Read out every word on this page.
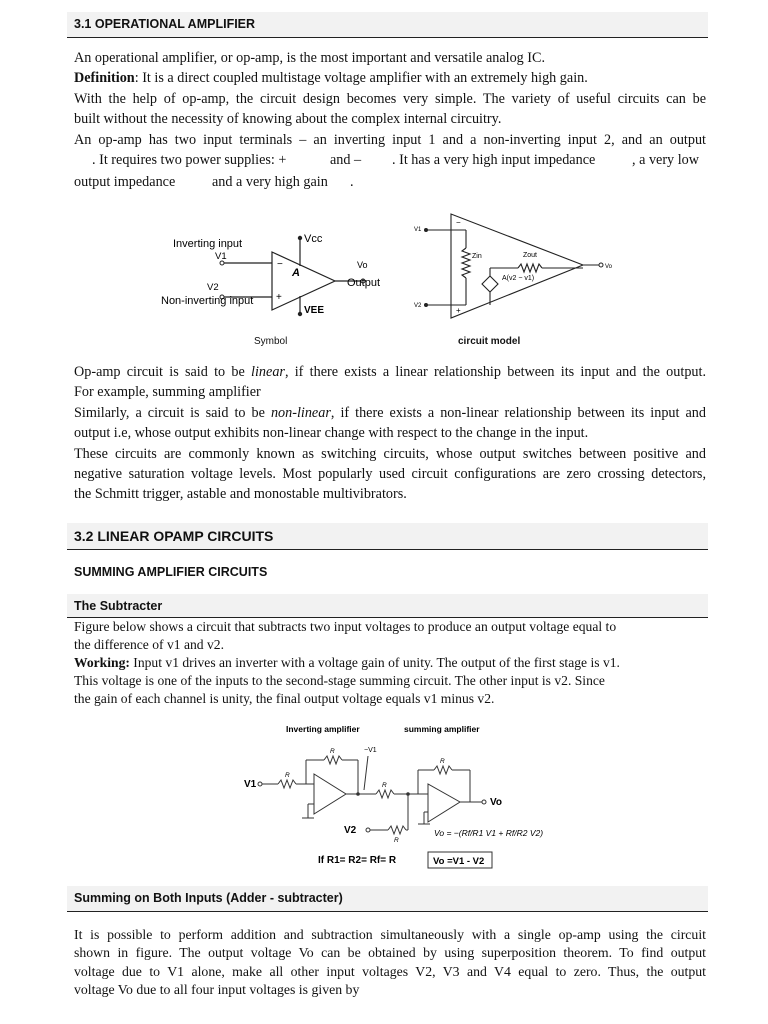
3.1 OPERATIONAL AMPLIFIER
An operational amplifier, or op-amp, is the most important and versatile analog IC.
Definition: It is a direct coupled multistage voltage amplifier with an extremely high gain.
With the help of op-amp, the circuit design becomes very simple. The variety of useful circuits can be
built without the necessity of knowing about the complex internal circuitry.
An op-amp has two input terminals – an inverting input 1 and a non-inverting input 2, and an output
. It requires two power supplies: +	and – . It has a very high input impedance	, a very low
output impedance	and a very high gain .
Inverting input
V1
V2
Vcc
VEE
A
−
+
Vo
Output
Non-inverting input
V1
V2
Vo
Zin	Zout
A(v2 − v1)
−
+
Symbol	circuit model
Op-amp circuit is said to be linear, if there exists a linear relationship between its input and the output.
For example, summing amplifier
Similarly, a circuit is said to be non-linear, if there exists a non-linear relationship between its input and
output i.e, whose output exhibits non-linear change with respect to the change in the input.
These circuits are commonly known as switching circuits, whose output switches between positive and
negative saturation voltage levels. Most popularly used circuit configurations are zero crossing detectors,
the Schmitt trigger, astable and monostable multivibrators.
3.2 LINEAR OPAMP CIRCUITS
SUMMING AMPLIFIER CIRCUITS
The Subtracter
Figure below shows a circuit that subtracts two input voltages to produce an output voltage equal to
the difference of v1 and v2.
Working: Input v1 drives an inverter with a voltage gain of unity. The output of the first stage is v1.
This voltage is one of the inputs to the second-stage summing circuit. The other input is v2. Since
the gain of each channel is unity, the final output voltage equals v1 minus v2.
Inverting amplifier	summing amplifier
−V1
R
R
R
R
R
V1
V2
Vo
Vo = −(Rf/R1 V1 + Rf/R2 V2)
If R1= R2= Rf= R	Vo =V1 - V2
Summing on Both Inputs (Adder - subtracter)
It is possible to perform addition and subtraction simultaneously with a single op-amp using the circuit
shown in figure. The output voltage Vo can be obtained by using superposition theorem. To find output
voltage due to V1 alone, make all other input voltages V2, V3 and V4 equal to zero. Thus, the output
voltage Vo due to all four input voltages is given by
